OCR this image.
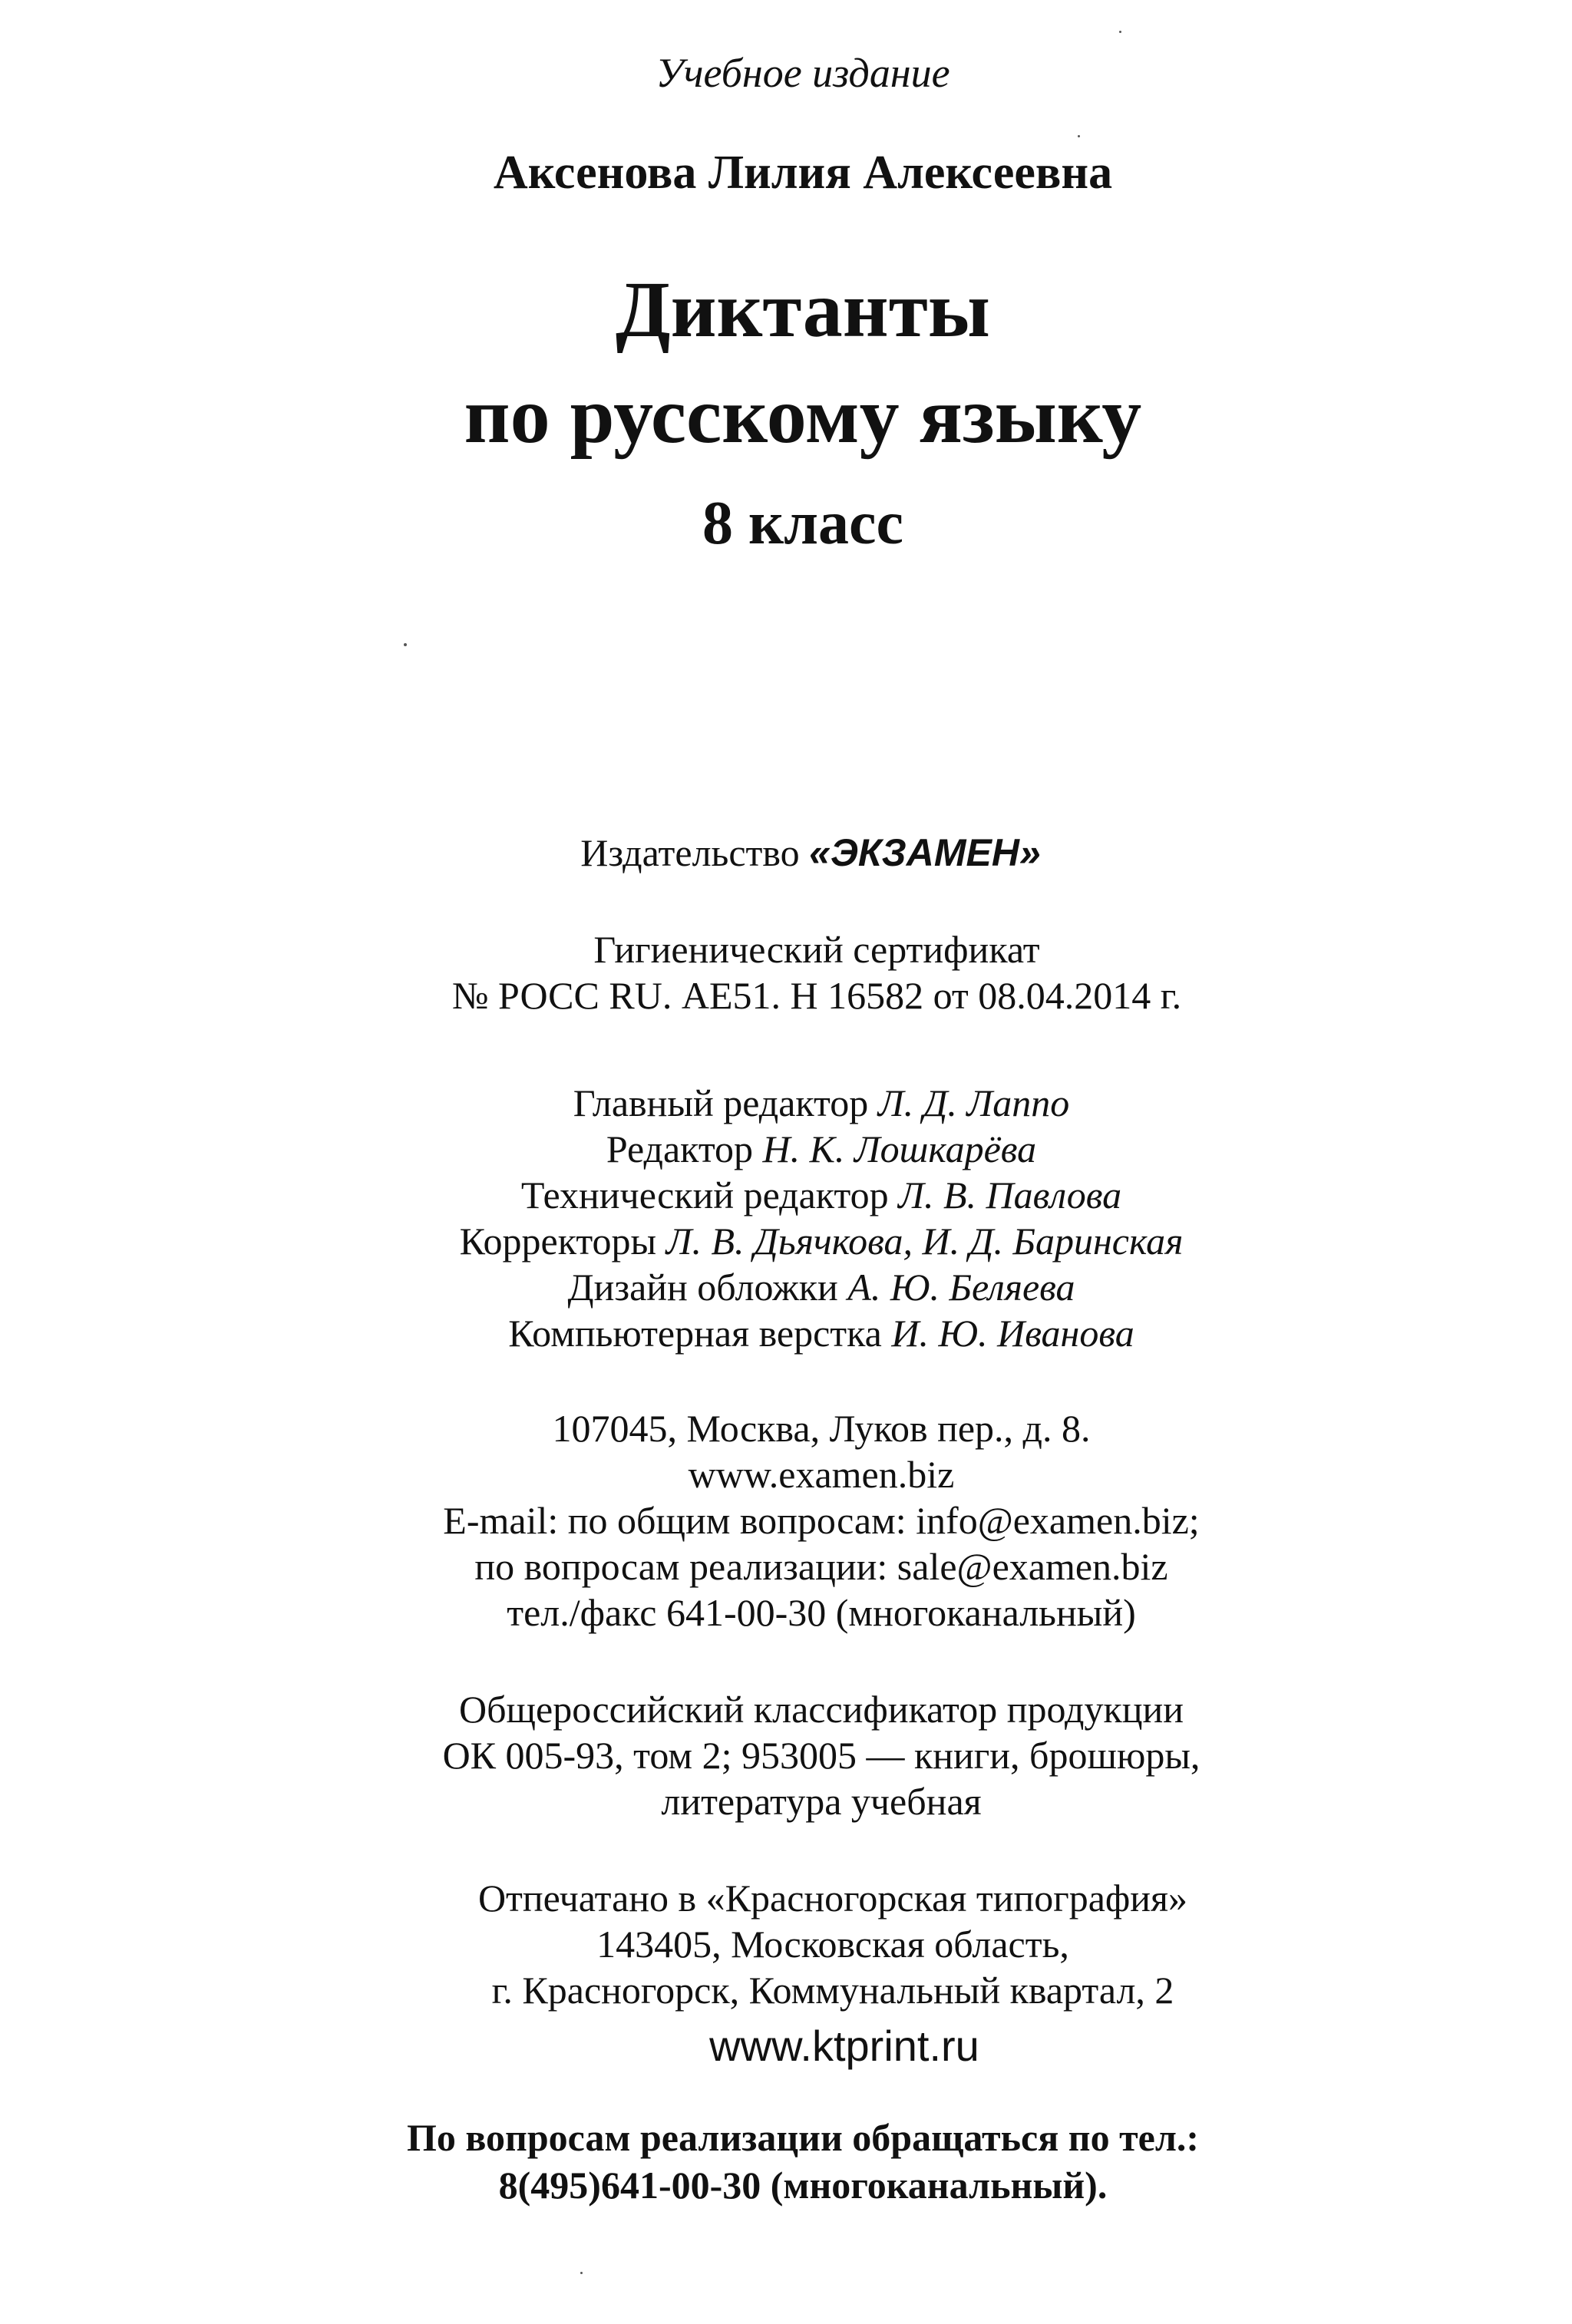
Учебное издание
Аксенова Лилия Алексеевна
Диктанты
по русскому языку
8 класс
Издательство «ЭКЗАМЕН»
Гигиенический сертификат
№ РОСС RU. АЕ51. Н 16582 от 08.04.2014 г.
Главный редактор Л. Д. Лаппо
Редактор Н. К. Лошкарёва
Технический редактор Л. В. Павлова
Корректоры Л. В. Дьячкова, И. Д. Баринская
Дизайн обложки А. Ю. Беляева
Компьютерная верстка И. Ю. Иванова
107045, Москва, Луков пер., д. 8.
www.examen.biz
E-mail: по общим вопросам: info@examen.biz;
по вопросам реализации: sale@examen.biz
тел./факс 641-00-30 (многоканальный)
Общероссийский классификатор продукции
ОК 005-93, том 2; 953005 — книги, брошюры,
литература учебная
Отпечатано в «Красногорская типография»
143405, Московская область,
г. Красногорск, Коммунальный квартал, 2
www.ktprint.ru
По вопросам реализации обращаться по тел.:
8(495)641-00-30 (многоканальный).
